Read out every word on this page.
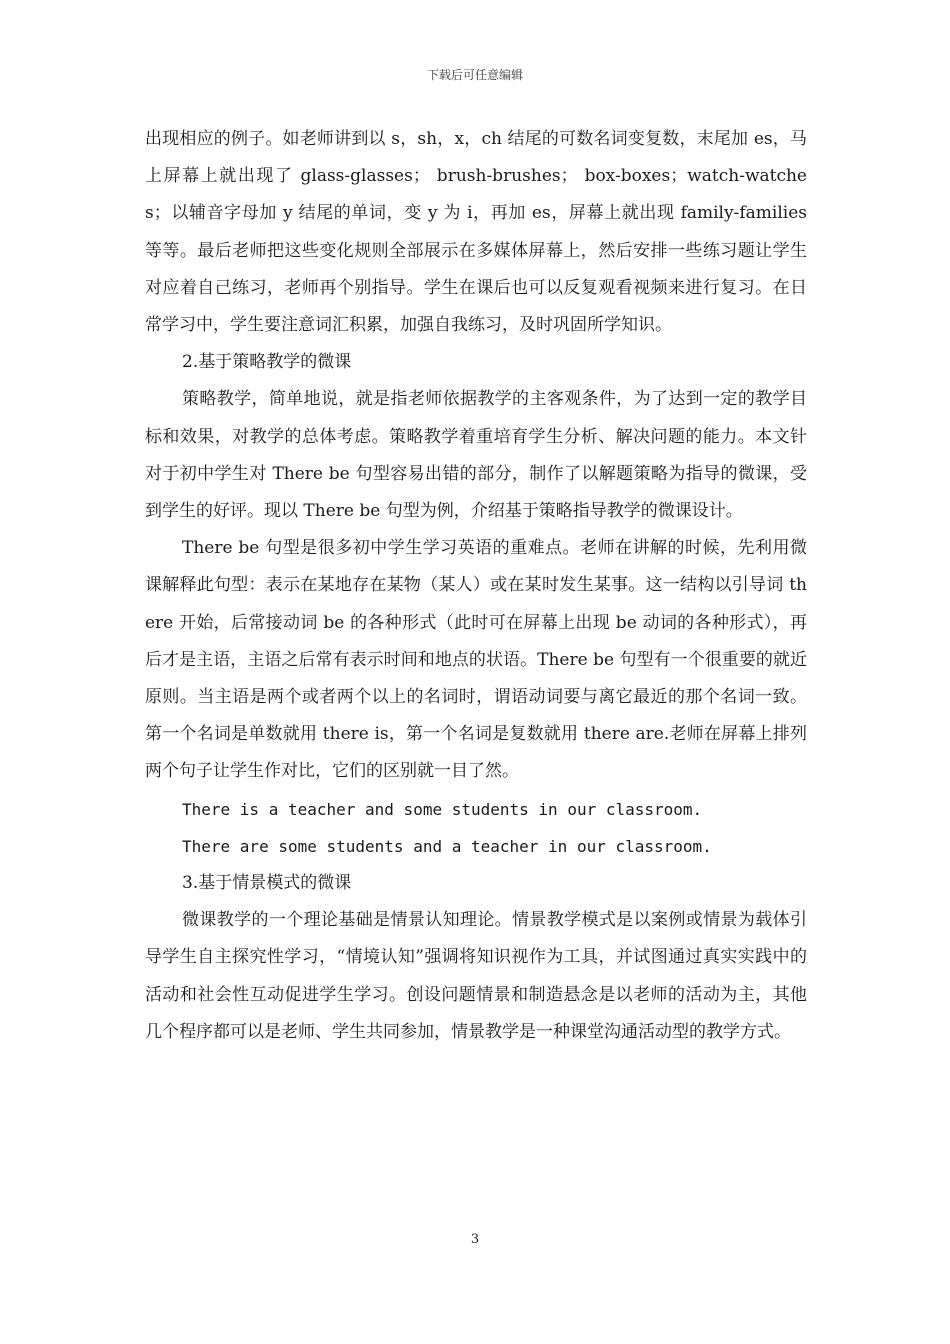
下载后可任意编辑

出现相应的例子。如老师讲到以 s，sh，x，ch 结尾的可数名词变复数，末尾加 es，马上屏幕上就出现了 glass-glasses； brush-brushes； box-boxes；watch-watches；以辅音字母加 y 结尾的单词，变 y 为 i，再加 es，屏幕上就出现 family-families 等等。最后老师把这些变化规则全部展示在多媒体屏幕上，然后安排一些练习题让学生对应着自己练习，老师再个别指导。学生在课后也可以反复观看视频来进行复习。在日常学习中，学生要注意词汇积累，加强自我练习，及时巩固所学知识。

2.基于策略教学的微课

策略教学，简单地说，就是指老师依据教学的主客观条件，为了达到一定的教学目标和效果，对教学的总体考虑。策略教学着重培育学生分析、解决问题的能力。本文针对于初中学生对 There be 句型容易出错的部分，制作了以解题策略为指导的微课，受到学生的好评。现以 There be 句型为例，介绍基于策略指导教学的微课设计。

There be 句型是很多初中学生学习英语的重难点。老师在讲解的时候，先利用微课解释此句型：表示在某地存在某物（某人）或在某时发生某事。这一结构以引导词 there 开始，后常接动词 be 的各种形式（此时可在屏幕上出现 be 动词的各种形式），再后才是主语，主语之后常有表示时间和地点的状语。There be 句型有一个很重要的就近原则。当主语是两个或者两个以上的名词时，谓语动词要与离它最近的那个名词一致。第一个名词是单数就用 there is，第一个名词是复数就用 there are.老师在屏幕上排列两个句子让学生作对比，它们的区别就一目了然。

There is a teacher and some students in our classroom.

There are some students and a teacher in our classroom.

3.基于情景模式的微课

微课教学的一个理论基础是情景认知理论。情景教学模式是以案例或情景为载体引导学生自主探究性学习，“情境认知”强调将知识视作为工具，并试图通过真实实践中的活动和社会性互动促进学生学习。创设问题情景和制造悬念是以老师的活动为主，其他几个程序都可以是老师、学生共同参加，情景教学是一种课堂沟通活动型的教学方式。

3
